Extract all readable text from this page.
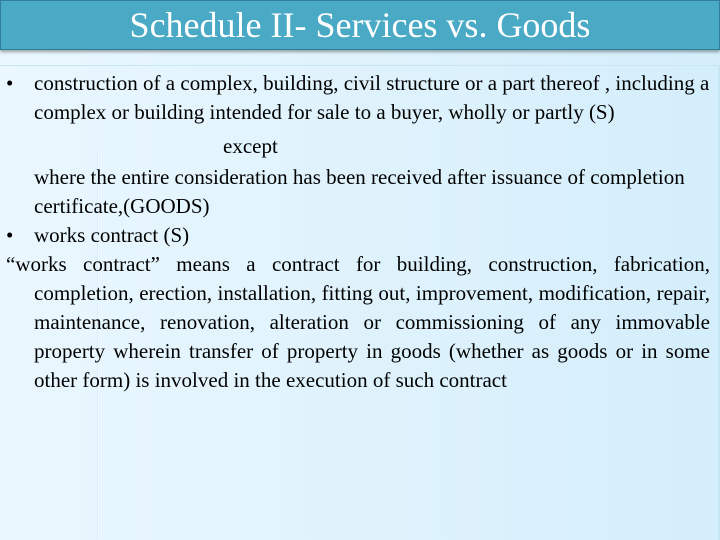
Schedule II- Services vs. Goods

• construction of a complex, building, civil structure or a part thereof , including a complex or building intended for sale to a buyer, wholly or partly (S)

except

where the entire consideration has been received after issuance of completion certificate,(GOODS)

• works contract (S)

“works contract” means a contract for building, construction, fabrication, completion, erection, installation, fitting out, improvement, modification, repair, maintenance, renovation, alteration or commissioning of any immovable property wherein transfer of property in goods (whether as goods or in some other form) is involved in the execution of such contract
